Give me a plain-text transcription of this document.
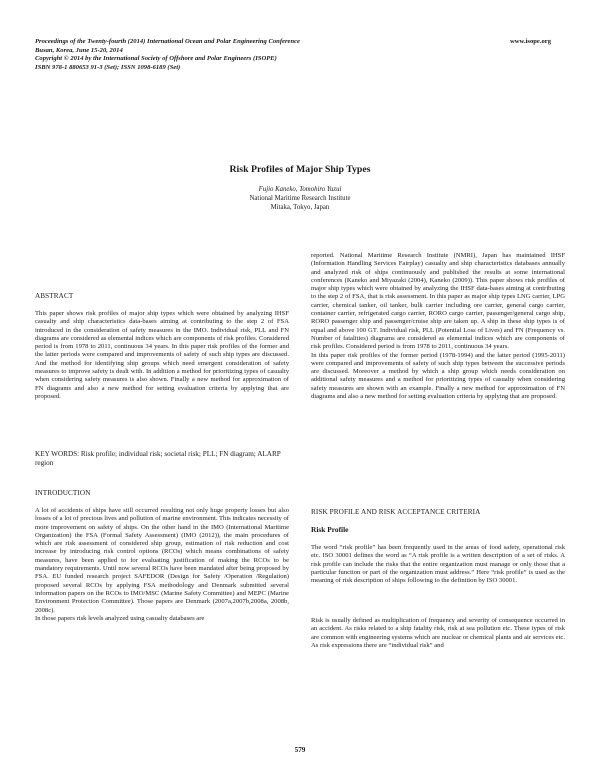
Proceedings of the Twenty-fourth (2014) International Ocean and Polar Engineering Conference
Busan, Korea, June 15-20, 2014
Copyright © 2014 by the International Society of Offshore and Polar Engineers (ISOPE)
ISBN 978-1 880653 91-3 (Set); ISSN 1098-6189 (Set)
www.isope.org
Risk Profiles of Major Ship Types
Fujio Kaneko, Tomohiro Yuzui
National Maritime Research Institute
Mitaka, Tokyo, Japan
ABSTRACT

This paper shows risk profiles of major ship types which were obtained by analyzing IHSF casualty and ship characteristics data-bases aiming at contributing to the step 2 of FSA introduced in the consideration of safety measures in the IMO. Individual risk, PLL and FN diagrams are considered as elemental indices which are components of risk profiles. Considered period is from 1978 to 2011, continuous 34 years. In this paper risk profiles of the former and the latter periods were compared and improvements of safety of such ship types are discussed. And the method for identifying ship groups which need emergent consideration of safety measures to improve safety is dealt with. In addition a method for prioritizing types of casualty when considering safety measures is also shown. Finally a new method for approximation of FN diagrams and also a new method for setting evaluation criteria by applying that are proposed.

KEY WORDS: Risk profile; individual risk; societal risk; PLL; FN diagram; ALARP region
INTRODUCTION

A lot of accidents of ships have still occurred resulting not only huge property losses but also losses of a lot of precious lives and pollution of marine environment. This indicates necessity of more improvement on safety of ships. On the other hand in the IMO (International Maritime Organization) the FSA (Formal Safety Assessment) (IMO (2012)), the main procedures of which are risk assessment of considered ship group, estimation of risk reduction and cost increase by introducing risk control options (RCOs) which means combinations of safety measures, have been applied to for evaluating justification of making the RCOs to be mandatory requirements. Until now several RCOs have been mandated after being proposed by FSA. EU funded research project SAFEDOR (Design for Safety /Operation /Regulation) proposed several RCOs by applying FSA methodology and Denmark submitted several information papers on the RCOs to IMO/MSC (Marine Safety Committee) and MEPC (Marine Environment Protection Committee). Those papers are Denmark (2007a,2007b,2008a, 2008b, 2008c).

In those papers risk levels analyzed using casualty databases are

reported. National Maritime Research Institute (NMRI), Japan has maintained IHSF (Information Handling Services Fairplay) casualty and ship characteristics databases annually and analyzed risk of ships continuously and published the results at some international conferences (Kaneko and Miyazaki (2004), Kaneko (2009)). This paper shows risk profiles of major ship types which were obtained by analyzing the IHSF data-bases aiming at contributing to the step 2 of FSA, that is risk assessment. In this paper as major ship types LNG carrier, LPG carrier, chemical tanker, oil tanker, bulk carrier including ore carrier, general cargo carrier, container carrier, refrigerated cargo carrier, RORO cargo carrier, passenger/general cargo ship, RORO passenger ship and passenger/cruise ship are taken up. A ship in these ship types is of equal and above 100 GT. Individual risk, PLL (Potential Loss of Lives) and FN (Frequency vs. Number of fatalities) diagrams are considered as elemental indices which are components of risk profiles. Considered period is from 1978 to 2011, continuous 34 years.

In this paper risk profiles of the former period (1978-1994) and the latter period (1995-2011) were compared and improvements of safety of such ship types between the successive periods are discussed. Moreover a method by which a ship group which needs consideration on additional safety measures and a method for prioritizing types of casualty when considering safety measures are shown with an example. Finally a new method for approximation of FN diagrams and also a new method for setting evaluation criteria by applying that are proposed.

RISK PROFILE AND RISK ACCEPTANCE CRITERIA
Risk Profile

The word “risk profile” has been frequently used in the areas of food safety, operational risk etc. ISO 30001 defines the word as “A risk profile is a written description of a set of risks. A risk profile can include the risks that the entire organization must manage or only those that a particular function or part of the organization must address.” Here “risk profile” is used as the meaning of risk description of ships following to the definition by ISO 30001.

Risk is usually defined as multiplication of frequency and severity of consequence occurred in an accident. As risks related to a ship fatality risk, risk at sea pollution etc. These types of risk are common with engineering systems which are nuclear or chemical plants and air services etc. As risk expressions there are “individual risk” and

579
